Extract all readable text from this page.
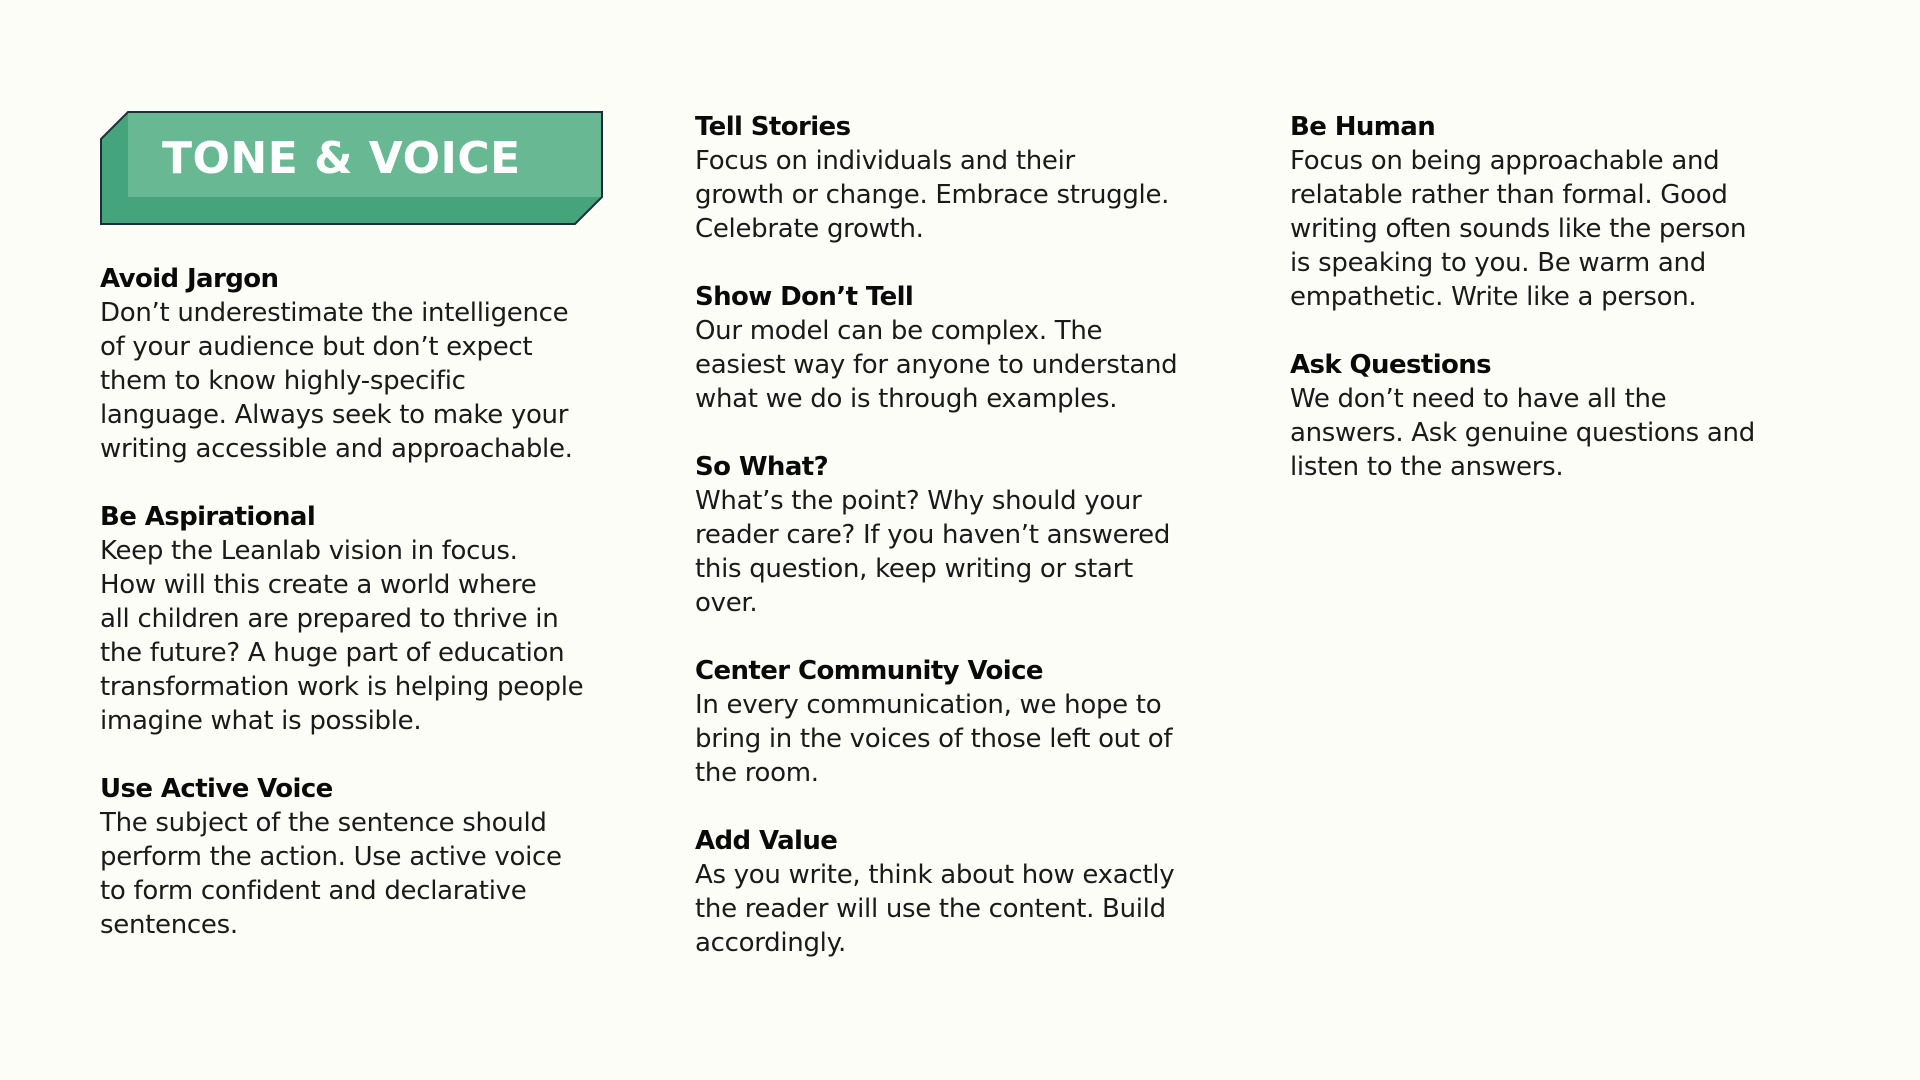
TONE & VOICE
Avoid Jargon

Don’t underestimate the intelligence
of your audience but don’t expect
them to know highly-specific
language. Always seek to make your
writing accessible and approachable.

Be Aspirational

Keep the Leanlab vision in focus.
How will this create a world where
all children are prepared to thrive in
the future? A huge part of education
transformation work is helping people
imagine what is possible.

Use Active Voice

The subject of the sentence should
perform the action. Use active voice
to form confident and declarative
sentences.

Tell Stories

Focus on individuals and their
growth or change. Embrace struggle.
Celebrate growth.

Show Don’t Tell

Our model can be complex. The
easiest way for anyone to understand
what we do is through examples.

So What?

What’s the point? Why should your
reader care? If you haven’t answered
this question, keep writing or start
over.

Center Community Voice

In every communication, we hope to
bring in the voices of those left out of
the room.

Add Value

As you write, think about how exactly
the reader will use the content. Build
accordingly.

Be Human

Focus on being approachable and
relatable rather than formal. Good
writing often sounds like the person
is speaking to you. Be warm and
empathetic. Write like a person.

Ask Questions

We don’t need to have all the
answers. Ask genuine questions and
listen to the answers.
